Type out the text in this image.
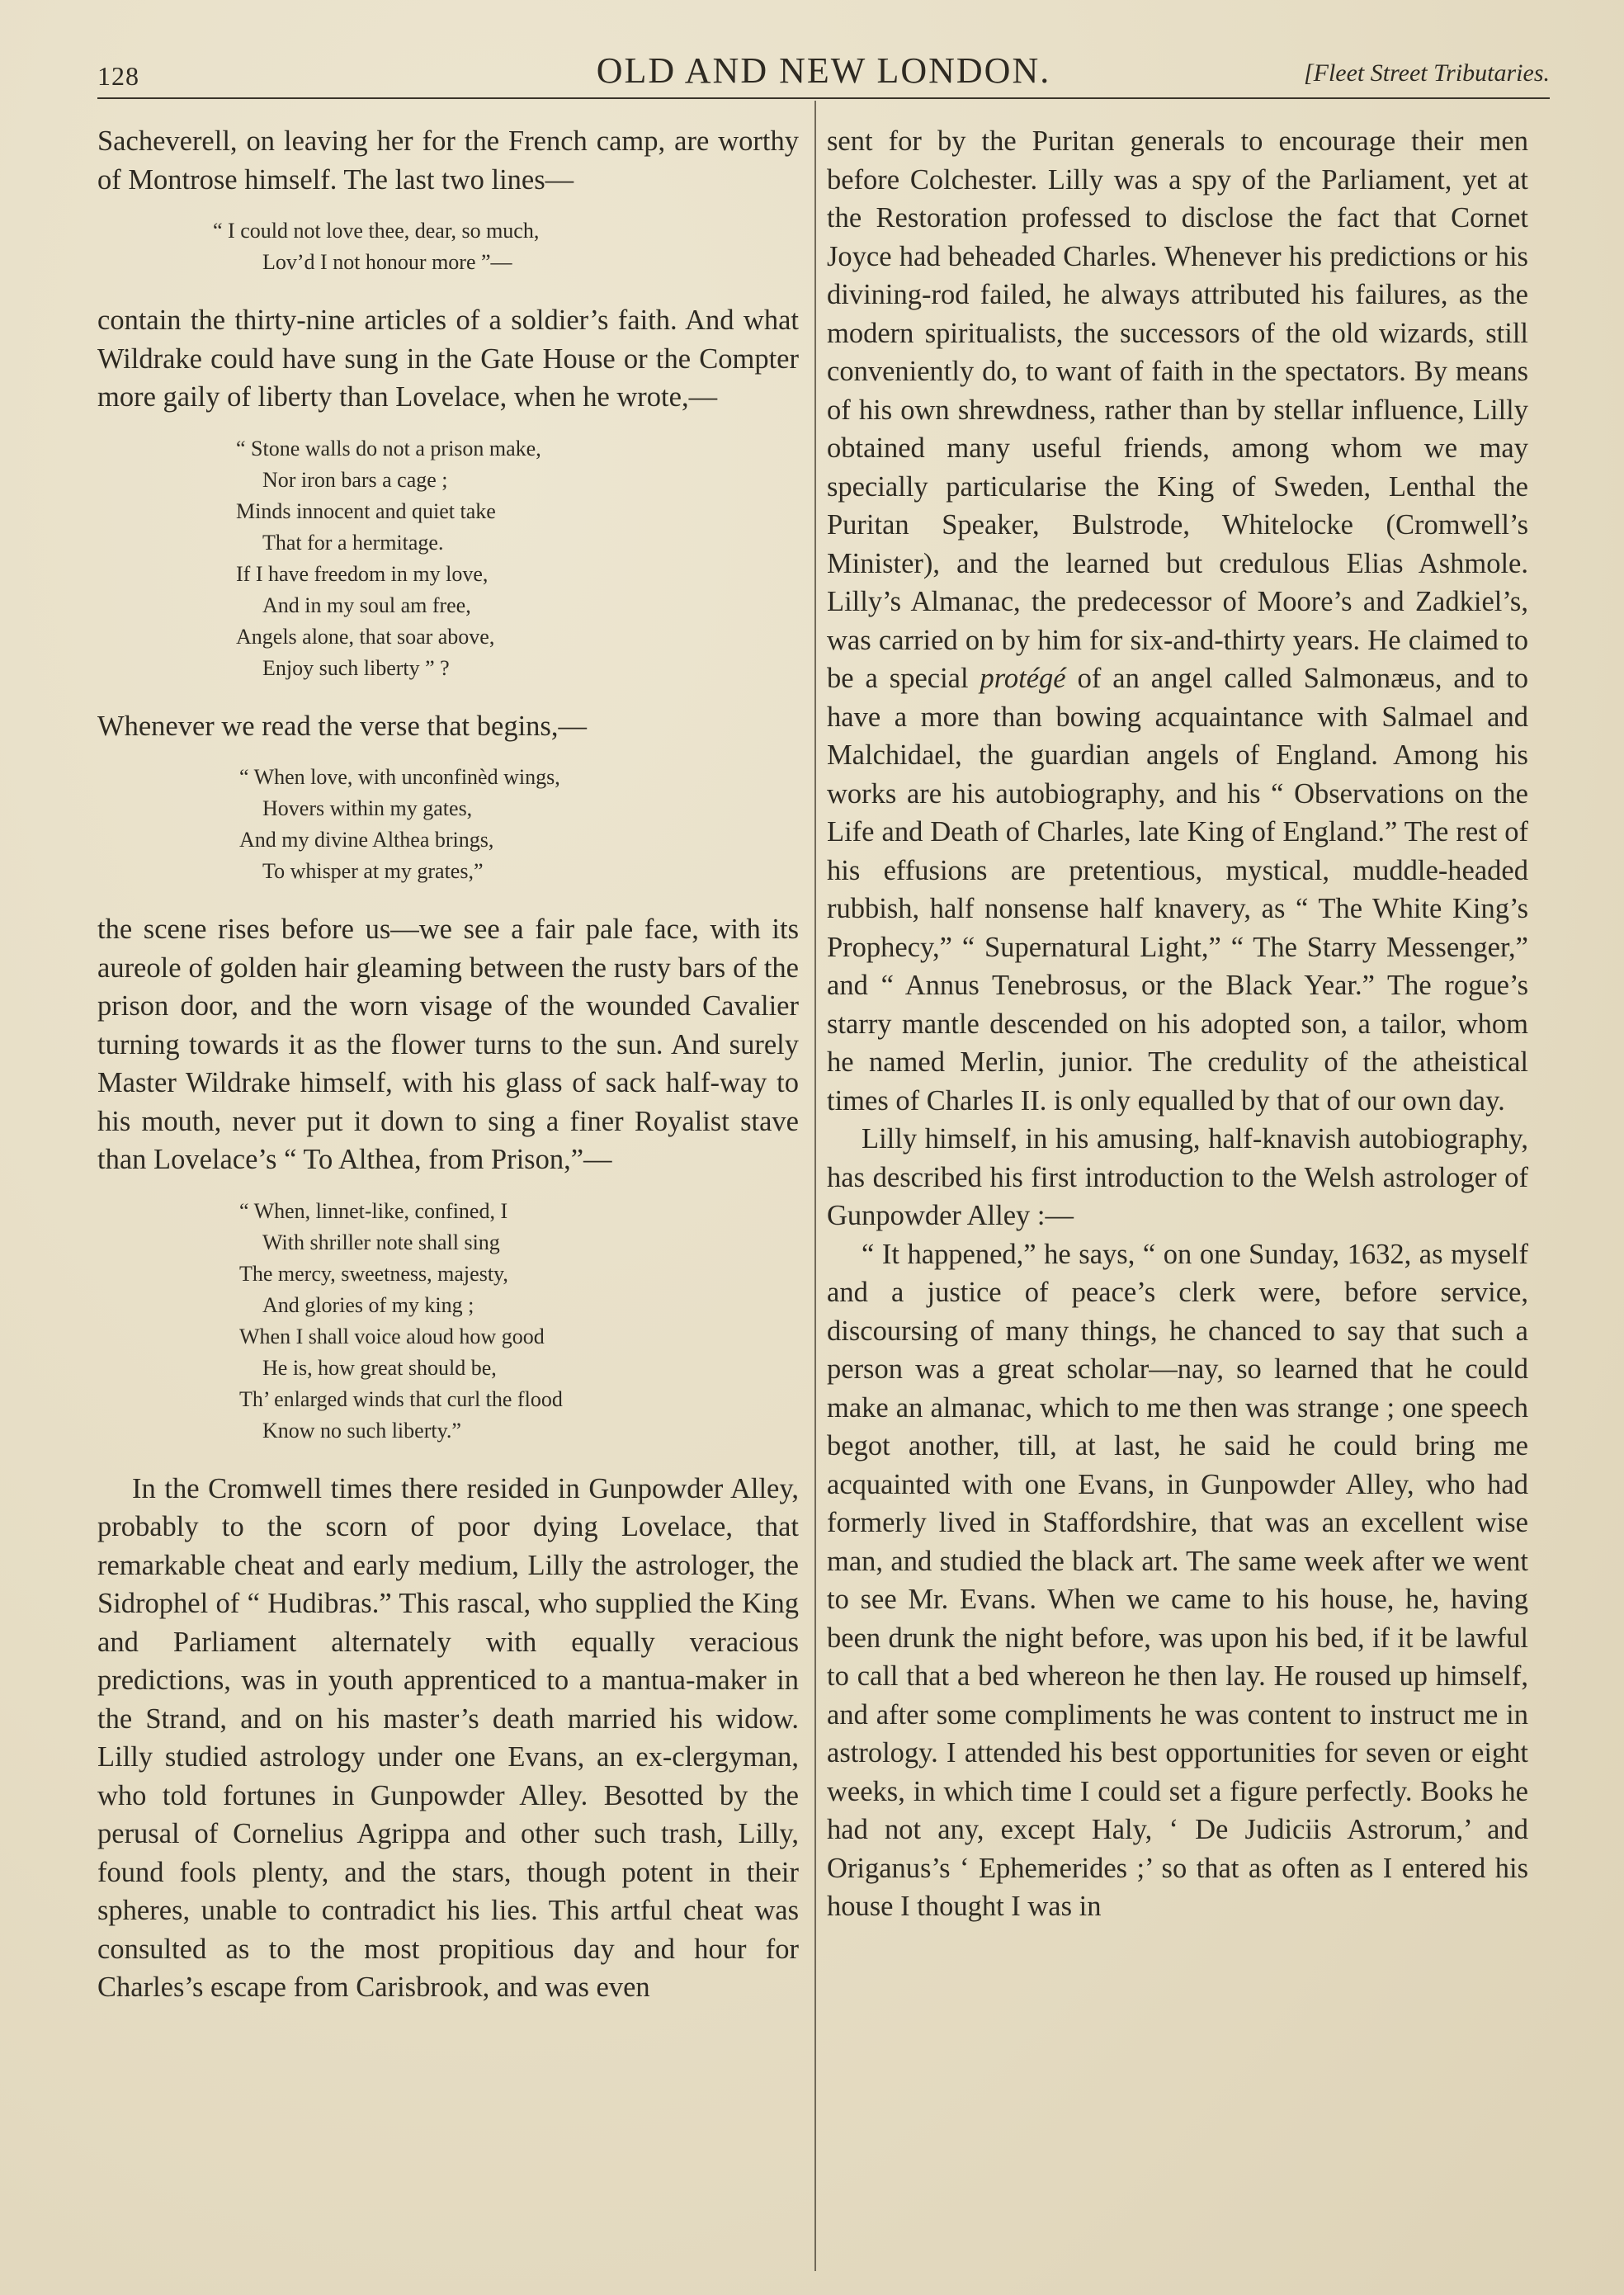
128	OLD AND NEW LONDON.	[Fleet Street Tributaries.

Sacheverell, on leaving her for the French camp, are worthy of Montrose himself. The last two lines—

“ I could not love thee, dear, so much,
Lov’d I not honour more ”—

contain the thirty-nine articles of a soldier’s faith. And what Wildrake could have sung in the Gate House or the Compter more gaily of liberty than Lovelace, when he wrote,—

“ Stone walls do not a prison make,
Nor iron bars a cage ;
Minds innocent and quiet take
That for a hermitage.
If I have freedom in my love,
And in my soul am free,
Angels alone, that soar above,
Enjoy such liberty ” ?

Whenever we read the verse that begins,—

“ When love, with unconfinèd wings,
Hovers within my gates,
And my divine Althea brings,
To whisper at my grates,”

the scene rises before us—we see a fair pale face, with its aureole of golden hair gleaming between the rusty bars of the prison door, and the worn visage of the wounded Cavalier turning towards it as the flower turns to the sun. And surely Master Wildrake himself, with his glass of sack half-way to his mouth, never put it down to sing a finer Royalist stave than Lovelace’s “ To Althea, from Prison,”—

“ When, linnet-like, confined, I
With shriller note shall sing
The mercy, sweetness, majesty,
And glories of my king ;
When I shall voice aloud how good
He is, how great should be,
Th’ enlarged winds that curl the flood
Know no such liberty.”

In the Cromwell times there resided in Gunpowder Alley, probably to the scorn of poor dying Lovelace, that remarkable cheat and early medium, Lilly the astrologer, the Sidrophel of “ Hudibras.” This rascal, who supplied the King and Parliament alternately with equally veracious predictions, was in youth apprenticed to a mantua-maker in the Strand, and on his master’s death married his widow. Lilly studied astrology under one Evans, an ex-clergyman, who told fortunes in Gunpowder Alley. Besotted by the perusal of Cornelius Agrippa and other such trash, Lilly, found fools plenty, and the stars, though potent in their spheres, unable to contradict his lies. This artful cheat was consulted as to the most propitious day and hour for Charles’s escape from Carisbrook, and was even

sent for by the Puritan generals to encourage their men before Colchester. Lilly was a spy of the Parliament, yet at the Restoration professed to disclose the fact that Cornet Joyce had beheaded Charles. Whenever his predictions or his divining-rod failed, he always attributed his failures, as the modern spiritualists, the successors of the old wizards, still conveniently do, to want of faith in the spectators. By means of his own shrewdness, rather than by stellar influence, Lilly obtained many useful friends, among whom we may specially particularise the King of Sweden, Lenthal the Puritan Speaker, Bulstrode, Whitelocke (Cromwell’s Minister), and the learned but credulous Elias Ashmole. Lilly’s Almanac, the predecessor of Moore’s and Zadkiel’s, was carried on by him for six-and-thirty years. He claimed to be a special protégé of an angel called Salmonæus, and to have a more than bowing acquaintance with Salmael and Malchidael, the guardian angels of England. Among his works are his autobiography, and his “ Observations on the Life and Death of Charles, late King of England.” The rest of his effusions are pretentious, mystical, muddle-headed rubbish, half nonsense half knavery, as “ The White King’s Prophecy,” “ Supernatural Light,” “ The Starry Messenger,” and “ Annus Tenebrosus, or the Black Year.” The rogue’s starry mantle descended on his adopted son, a tailor, whom he named Merlin, junior. The credulity of the atheistical times of Charles II. is only equalled by that of our own day.

Lilly himself, in his amusing, half-knavish autobiography, has described his first introduction to the Welsh astrologer of Gunpowder Alley :—

“ It happened,” he says, “ on one Sunday, 1632, as myself and a justice of peace’s clerk were, before service, discoursing of many things, he chanced to say that such a person was a great scholar—nay, so learned that he could make an almanac, which to me then was strange ; one speech begot another, till, at last, he said he could bring me acquainted with one Evans, in Gunpowder Alley, who had formerly lived in Staffordshire, that was an excellent wise man, and studied the black art. The same week after we went to see Mr. Evans. When we came to his house, he, having been drunk the night before, was upon his bed, if it be lawful to call that a bed whereon he then lay. He roused up himself, and after some compliments he was content to instruct me in astrology. I attended his best opportunities for seven or eight weeks, in which time I could set a figure perfectly. Books he had not any, except Haly, ‘ De Judiciis Astrorum,’ and Origanus’s ‘ Ephemerides ;’ so that as often as I entered his house I thought I was in
